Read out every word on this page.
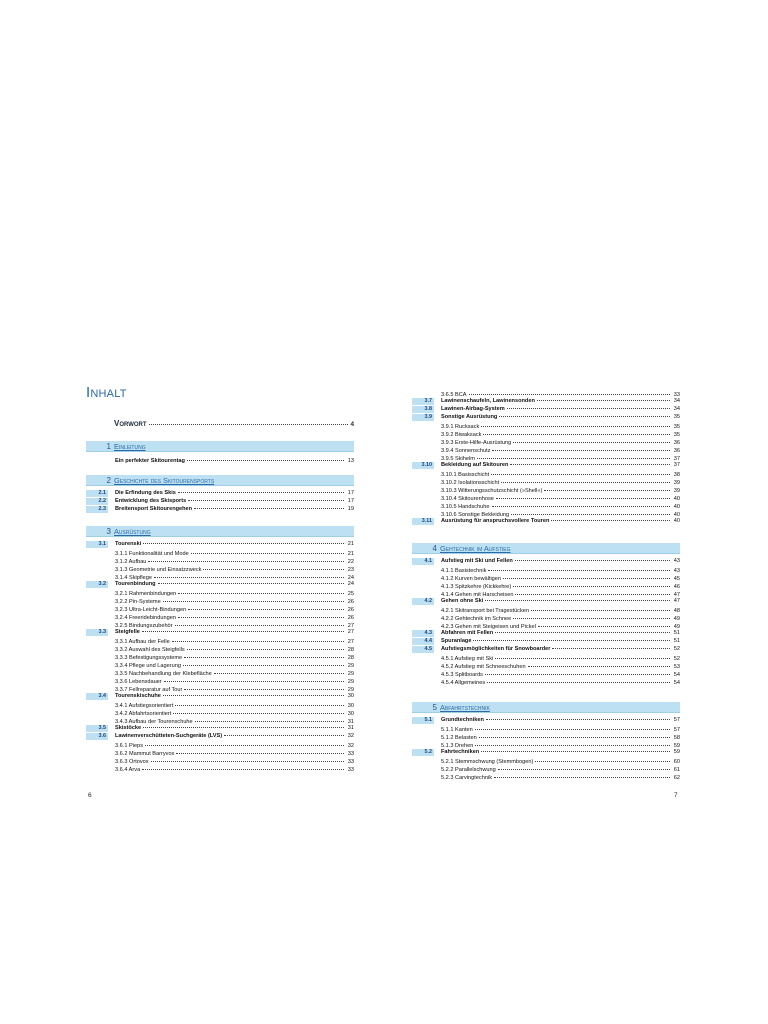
Inhalt
Vorwort	4
1 Einleitung
Ein perfekter Skitourentag	13
2 Geschichte des Skitourensports
2.1	Die Erfindung des Skis	17
2.2	Entwicklung des Skisports	17
2.3	Breitensport Skitourengehen	19
3 Ausrüstung
3.1	Tourenski	21
3.1.1 Funktionalität und Mode	21
3.1.2 Aufbau	22
3.1.3 Geometrie und Einsatzzweck	23
3.1.4 Skipflege	24
3.2	Tourenbindung	24
3.2.1 Rahmenbindungen	25
3.2.2 Pin-Systeme	26
3.2.3 Ultra-Leicht-Bindungen	26
3.2.4 Freeridebindungen	26
3.2.5 Bindungszubehör	27
3.3	Steigfelle	27
3.3.1 Aufbau der Felle	27
3.3.2 Auswahl des Steigfells	28
3.3.3 Befestigungssysteme	28
3.3.4 Pflege und Lagerung	29
3.3.5 Nachbehandlung der Klebefläche	29
3.3.6 Lebensdauer	29
3.3.7 Fellreparatur auf Tour	29
3.4	Tourenskischuhe	30
3.4.1 Aufstiegsorientiert	30
3.4.2 Abfahrtsorientiert	30
3.4.3 Aufbau der Tourenschuhe	31
3.5	Skistöcke	31
3.6	Lawinenverschütteten-Suchgeräte (LVS)	32
3.6.1 Pieps	32
3.6.2 Mammut Barryvox	33
3.6.3 Ortovox	33
3.6.4 Arva	33
6
3.6.5 BCA	33
3.7	Lawinenschaufeln, Lawinensonden	34
3.8	Lawinen-Airbag-System	34
3.9	Sonstige Ausrüstung	35
3.9.1 Rucksack	35
3.9.2 Biwaksack	35
3.9.3 Erste-Hilfe-Ausrüstung	36
3.9.4 Sonnenschutz	36
3.9.5 Skihelm	37
3.10	Bekleidung auf Skitouren	37
3.10.1 Basisschicht	38
3.10.2 Isolationsschicht	39
3.10.3 Witterungsschutzschicht (»Shell«)	39
3.10.4 Skitourenhose	40
3.10.5 Handschuhe	40
3.10.6 Sonstige Bekleidung	40
3.11	Ausrüstung für anspruchsvollere Touren	40
4 Gehtechnik im Aufstieg
4.1	Aufstieg mit Ski und Fellen	43
4.1.1 Basistechnik	43
4.1.2 Kurven bewältigen	45
4.1.3 Spitzkehre (Kickkehre)	46
4.1.4 Gehen mit Harscheisen	47
4.2	Gehen ohne Ski	47
4.2.1 Skitransport bei Tragestücken	48
4.2.2 Gehtechnik im Schnee	49
4.2.3 Gehen mit Steigeisen und Pickel	49
4.3	Abfahren mit Fellen	51
4.4	Spuranlage	51
4.5	Aufstiegsmöglichkeiten für Snowboarder	52
4.5.1 Aufstieg mit Ski	52
4.5.2 Aufstieg mit Schneeschuhen	53
4.5.3 Splitboards	54
4.5.4 Allgemeines	54
5 Abfahrtstechnik
5.1	Grundtechniken	57
5.1.1 Kanten	57
5.1.2 Belasten	58
5.1.3 Drehen	59
5.2	Fahrtechniken	59
5.2.1 Stemmschwung (Stemmbogen)	60
5.2.2 Parallelschwung	61
5.2.3 Carvingtechnik	62
7
